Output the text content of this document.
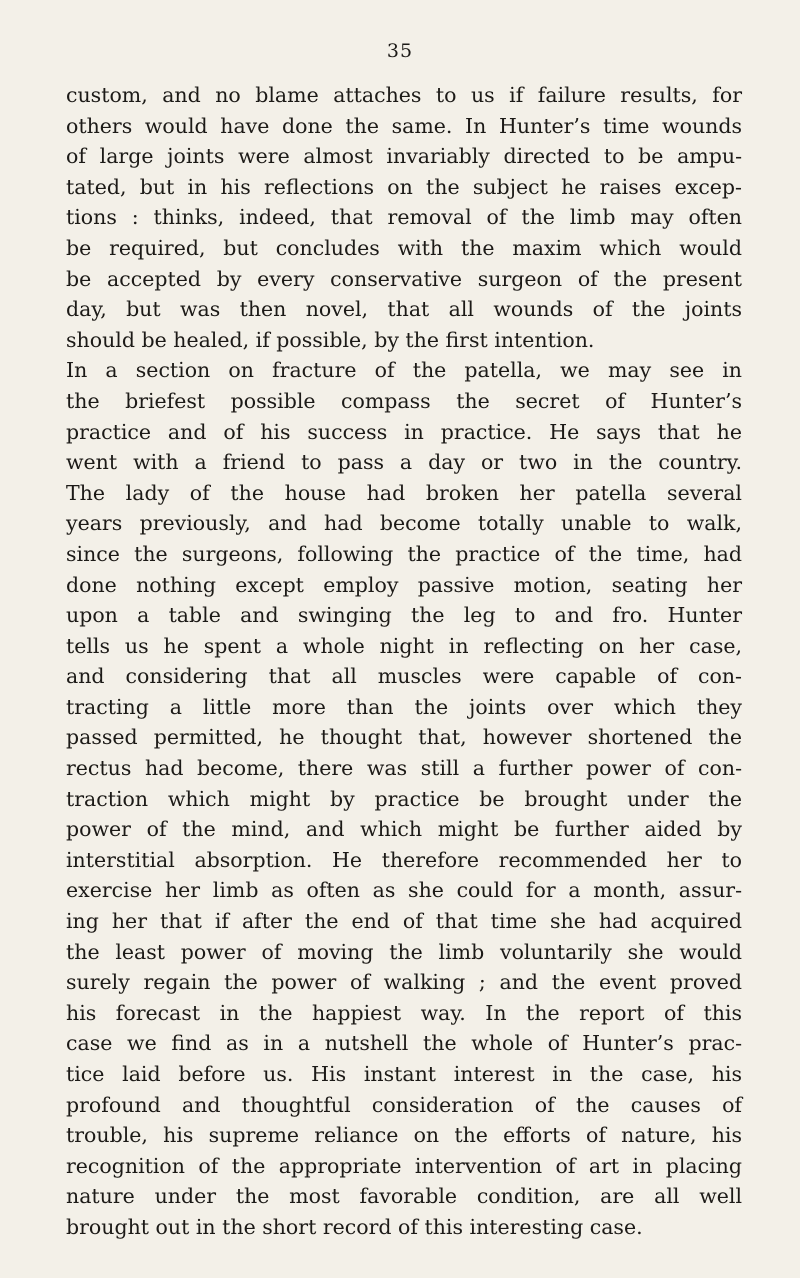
35
custom, and no blame attaches to us if failure results, for
others would have done the same. In Hunter’s time wounds
of large joints were almost invariably directed to be ampu-
tated, but in his reflections on the subject he raises excep-
tions : thinks, indeed, that removal of the limb may often
be required, but concludes with the maxim which would
be accepted by every conservative surgeon of the present
day, but was then novel, that all wounds of the joints
should be healed, if possible, by the first intention.
In a section on fracture of the patella, we may see in
the briefest possible compass the secret of Hunter’s
practice and of his success in practice. He says that he
went with a friend to pass a day or two in the country.
The lady of the house had broken her patella several
years previously, and had become totally unable to walk,
since the surgeons, following the practice of the time, had
done nothing except employ passive motion, seating her
upon a table and swinging the leg to and fro. Hunter
tells us he spent a whole night in reflecting on her case,
and considering that all muscles were capable of con-
tracting a little more than the joints over which they
passed permitted, he thought that, however shortened the
rectus had become, there was still a further power of con-
traction which might by practice be brought under the
power of the mind, and which might be further aided by
interstitial absorption. He therefore recommended her to
exercise her limb as often as she could for a month, assur-
ing her that if after the end of that time she had acquired
the least power of moving the limb voluntarily she would
surely regain the power of walking ; and the event proved
his forecast in the happiest way. In the report of this
case we find as in a nutshell the whole of Hunter’s prac-
tice laid before us. His instant interest in the case, his
profound and thoughtful consideration of the causes of
trouble, his supreme reliance on the efforts of nature, his
recognition of the appropriate intervention of art in placing
nature under the most favorable condition, are all well
brought out in the short record of this interesting case.
